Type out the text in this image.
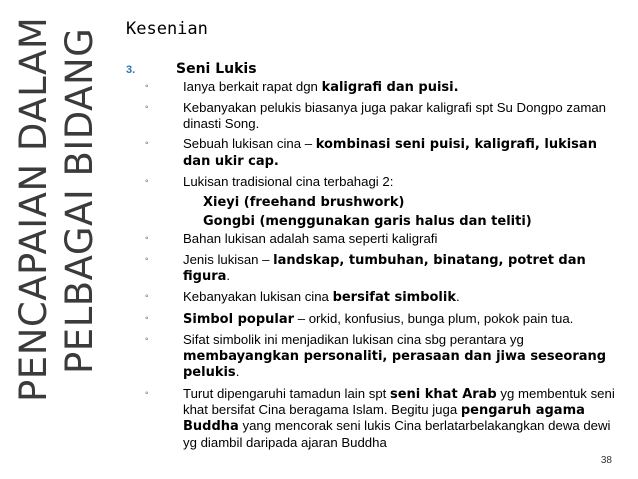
PENCAPAIAN DALAM PELBAGAI BIDANG Kesenian
3.	Seni Lukis
◦	Ianya berkait rapat dgn kaligrafi dan puisi.
◦	Kebanyakan pelukis biasanya juga pakar kaligrafi spt Su Dongpo zaman dinasti Song.
◦	Sebuah lukisan cina – kombinasi seni puisi, kaligrafi, lukisan dan ukir cap.
◦	Lukisan tradisional cina terbahagi 2:
Xieyi (freehand brushwork)
Gongbi (menggunakan garis halus dan teliti)
◦	Bahan lukisan adalah sama seperti kaligrafi
◦	Jenis lukisan – landskap, tumbuhan, binatang, potret dan figura.
◦	Kebanyakan lukisan cina bersifat simbolik.
◦	Simbol popular – orkid, konfusius, bunga plum, pokok pain tua.
◦	Sifat simbolik ini menjadikan lukisan cina sbg perantara yg membayangkan personaliti, perasaan dan jiwa seseorang pelukis.
◦	Turut dipengaruhi tamadun lain spt seni khat Arab yg membentuk seni khat bersifat Cina beragama Islam. Begitu juga pengaruh agama Buddha yang mencorak seni lukis Cina berlatarbelakangkan dewa dewi yg diambil daripada ajaran Buddha
38
